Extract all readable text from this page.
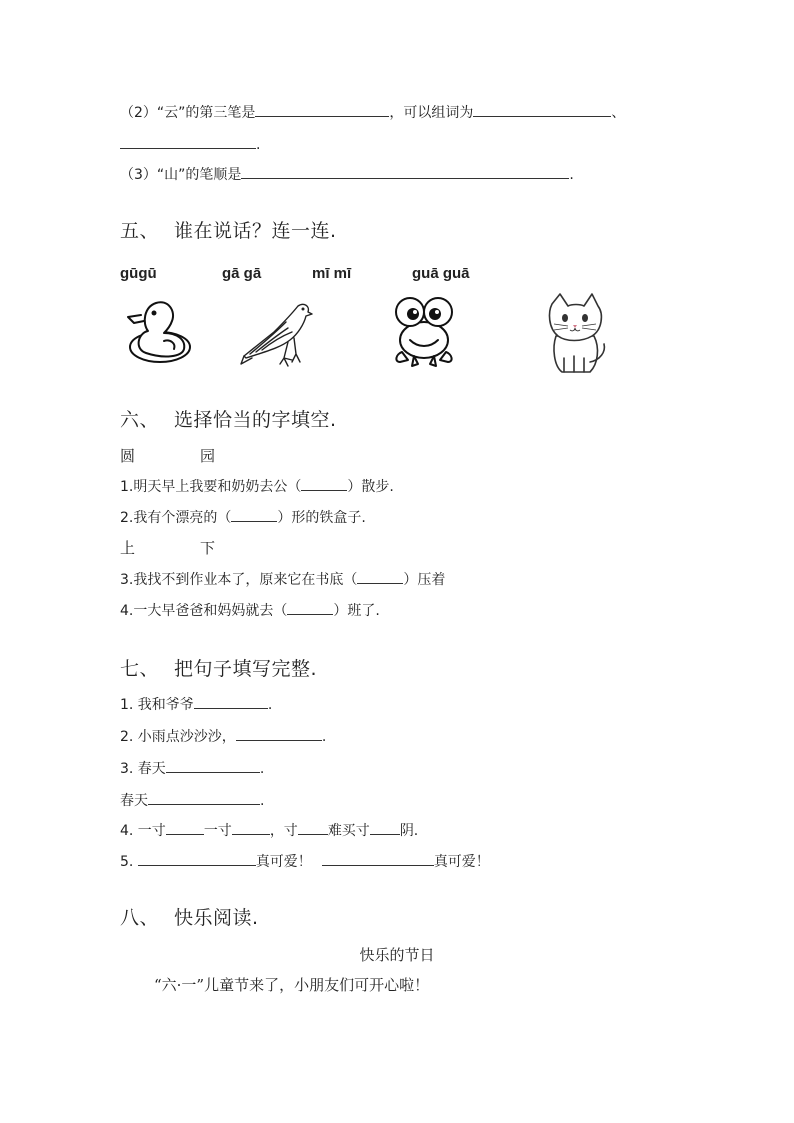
（2）“云”的第三笔是	，可以组词为	、
.
（3）“山”的笔顺是	.
五、 谁在说话？连一连.
gūgū	gā gā	mī mī	guā guā
六、 选择恰当的字填空.
圆	园
1.明天早上我要和奶奶去公（	）散步.
2.我有个漂亮的（	）形的铁盒子.
上	下
3.我找不到作业本了，原来它在书底（	）压着
4.一大早爸爸和妈妈就去（	）班了.
七、 把句子填写完整.
1. 我和爷爷	.
2. 小雨点沙沙沙，	.
3. 春天	.
春天	.
4. 一寸	一寸	，寸 难买寸 阴.
5.	真可爱！	真可爱！
八、 快乐阅读.
快乐的节日
“六·一”儿童节来了，小朋友们可开心啦！
